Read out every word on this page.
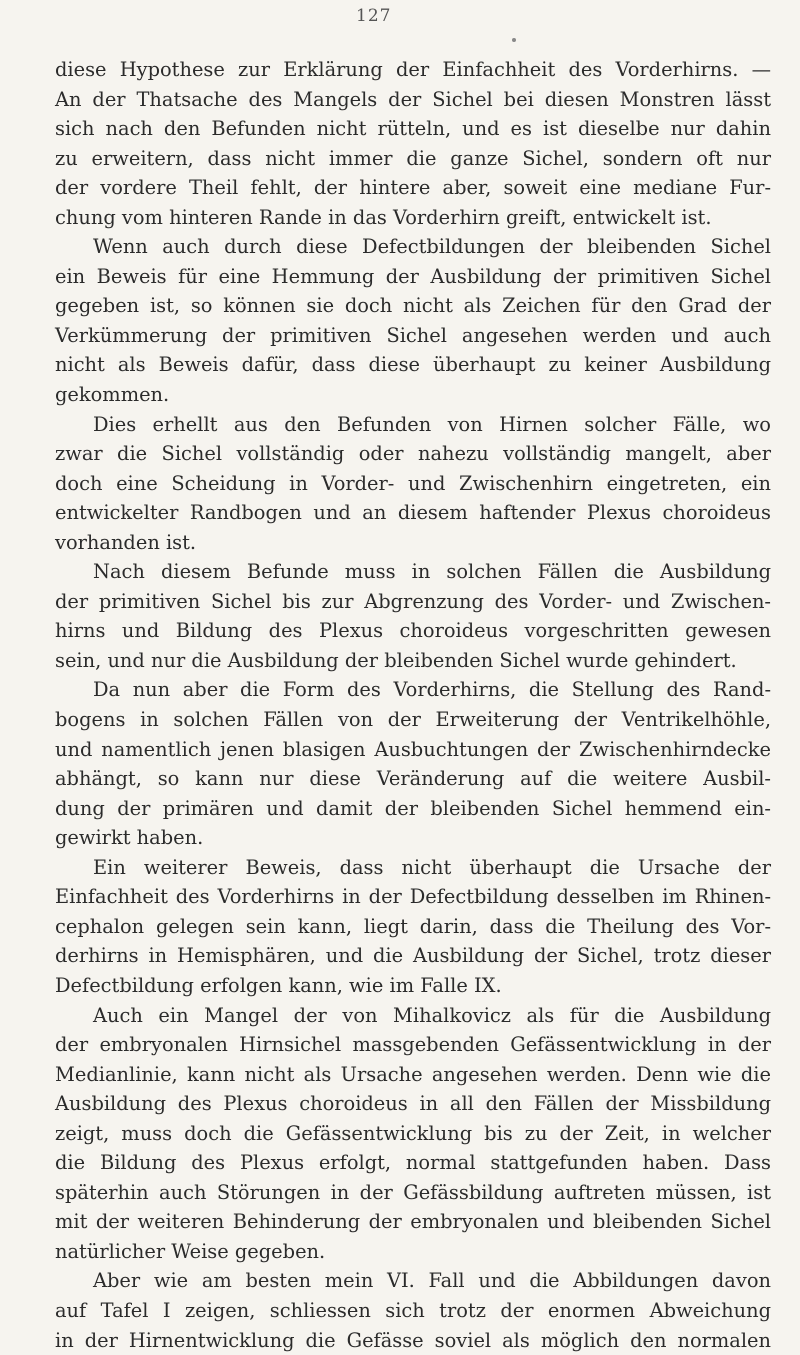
127

diese Hypothese zur Erklärung der Einfachheit des Vorderhirns. —

An der Thatsache des Mangels der Sichel bei diesen Monstren lässt

sich nach den Befunden nicht rütteln, und es ist dieselbe nur dahin

zu erweitern, dass nicht immer die ganze Sichel, sondern oft nur

der vordere Theil fehlt, der hintere aber, soweit eine mediane Fur-

chung vom hinteren Rande in das Vorderhirn greift, entwickelt ist.

Wenn auch durch diese Defectbildungen der bleibenden Sichel

ein Beweis für eine Hemmung der Ausbildung der primitiven Sichel

gegeben ist, so können sie doch nicht als Zeichen für den Grad der

Verkümmerung der primitiven Sichel angesehen werden und auch

nicht als Beweis dafür, dass diese überhaupt zu keiner Ausbildung

gekommen.

Dies erhellt aus den Befunden von Hirnen solcher Fälle, wo

zwar die Sichel vollständig oder nahezu vollständig mangelt, aber

doch eine Scheidung in Vorder- und Zwischenhirn eingetreten, ein

entwickelter Randbogen und an diesem haftender Plexus choroideus

vorhanden ist.

Nach diesem Befunde muss in solchen Fällen die Ausbildung

der primitiven Sichel bis zur Abgrenzung des Vorder- und Zwischen-

hirns und Bildung des Plexus choroideus vorgeschritten gewesen

sein, und nur die Ausbildung der bleibenden Sichel wurde gehindert.

Da nun aber die Form des Vorderhirns, die Stellung des Rand-

bogens in solchen Fällen von der Erweiterung der Ventrikelhöhle,

und namentlich jenen blasigen Ausbuchtungen der Zwischenhirndecke

abhängt, so kann nur diese Veränderung auf die weitere Ausbil-

dung der primären und damit der bleibenden Sichel hemmend ein-

gewirkt haben.

Ein weiterer Beweis, dass nicht überhaupt die Ursache der

Einfachheit des Vorderhirns in der Defectbildung desselben im Rhinen-

cephalon gelegen sein kann, liegt darin, dass die Theilung des Vor-

derhirns in Hemisphären, und die Ausbildung der Sichel, trotz dieser

Defectbildung erfolgen kann, wie im Falle IX.

Auch ein Mangel der von Mihalkovicz als für die Ausbildung

der embryonalen Hirnsichel massgebenden Gefässentwicklung in der

Medianlinie, kann nicht als Ursache angesehen werden. Denn wie die

Ausbildung des Plexus choroideus in all den Fällen der Missbildung

zeigt, muss doch die Gefässentwicklung bis zu der Zeit, in welcher

die Bildung des Plexus erfolgt, normal stattgefunden haben. Dass

späterhin auch Störungen in der Gefässbildung auftreten müssen, ist

mit der weiteren Behinderung der embryonalen und bleibenden Sichel

natürlicher Weise gegeben.

Aber wie am besten mein VI. Fall und die Abbildungen davon

auf Tafel I zeigen, schliessen sich trotz der enormen Abweichung

in der Hirnentwicklung die Gefässe soviel als möglich den normalen
